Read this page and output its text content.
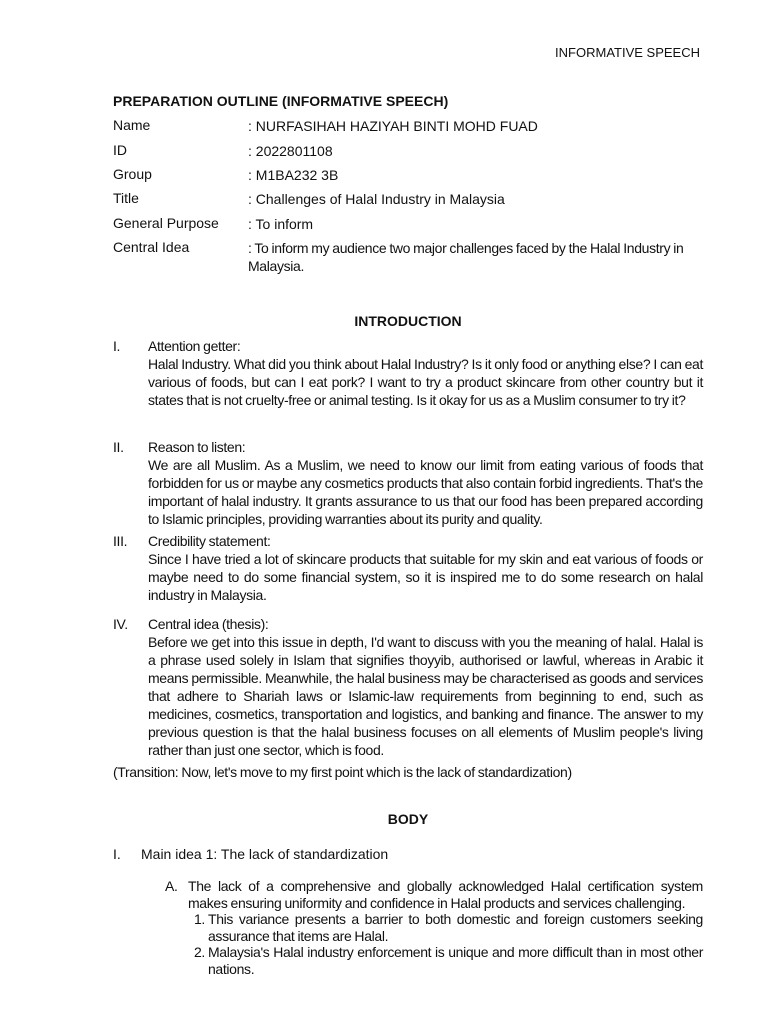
INFORMATIVE SPEECH
PREPARATION OUTLINE (INFORMATIVE SPEECH)
Name	: NURFASIHAH HAZIYAH BINTI MOHD FUAD
ID	: 2022801108
Group	: M1BA232 3B
Title	: Challenges of Halal Industry in Malaysia
General Purpose : To inform
Central Idea	: To inform my audience two major challenges faced by the Halal Industry in Malaysia.
INTRODUCTION
I. Attention getter:
Halal Industry. What did you think about Halal Industry? Is it only food or anything else? I can eat various of foods, but can I eat pork? I want to try a product skincare from other country but it states that is not cruelty-free or animal testing. Is it okay for us as a Muslim consumer to try it?
II. Reason to listen:
We are all Muslim. As a Muslim, we need to know our limit from eating various of foods that forbidden for us or maybe any cosmetics products that also contain forbid ingredients. That's the important of halal industry. It grants assurance to us that our food has been prepared according to Islamic principles, providing warranties about its purity and quality.
III. Credibility statement:
Since I have tried a lot of skincare products that suitable for my skin and eat various of foods or maybe need to do some financial system, so it is inspired me to do some research on halal industry in Malaysia.
IV. Central idea (thesis):
Before we get into this issue in depth, I'd want to discuss with you the meaning of halal. Halal is a phrase used solely in Islam that signifies thoyyib, authorised or lawful, whereas in Arabic it means permissible. Meanwhile, the halal business may be characterised as goods and services that adhere to Shariah laws or Islamic-law requirements from beginning to end, such as medicines, cosmetics, transportation and logistics, and banking and finance. The answer to my previous question is that the halal business focuses on all elements of Muslim people's living rather than just one sector, which is food.
(Transition: Now, let's move to my first point which is the lack of standardization)
BODY
I. Main idea 1: The lack of standardization
A. The lack of a comprehensive and globally acknowledged Halal certification system makes ensuring uniformity and confidence in Halal products and services challenging.
1. This variance presents a barrier to both domestic and foreign customers seeking assurance that items are Halal.
2. Malaysia's Halal industry enforcement is unique and more difficult than in most other nations.
